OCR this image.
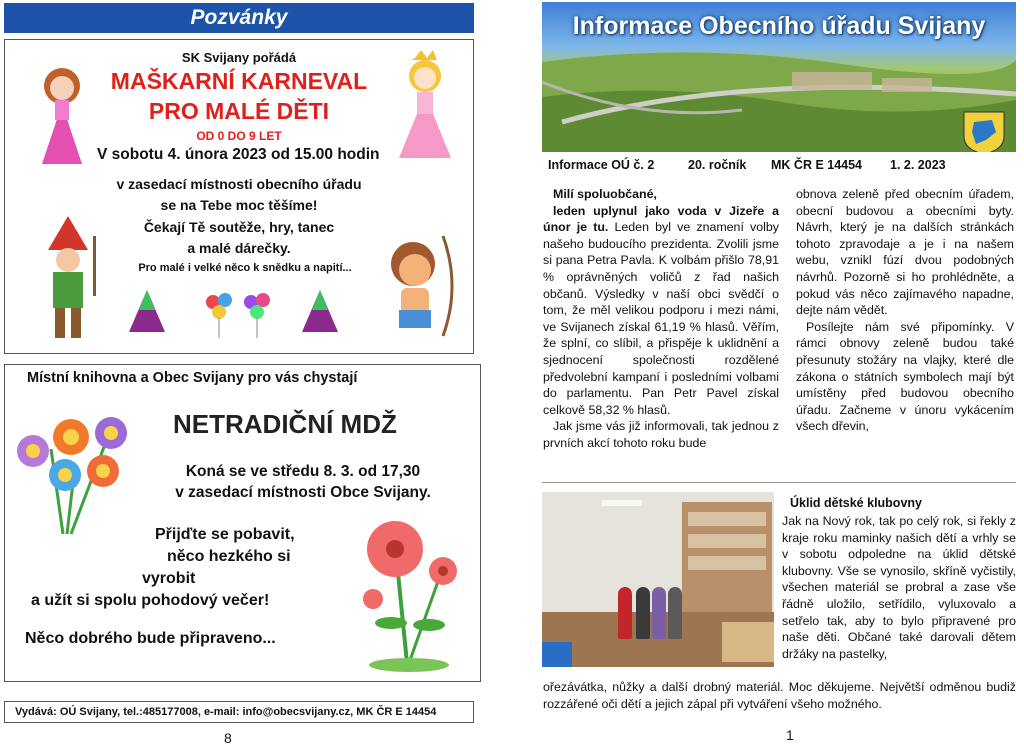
Pozvánky
SK Svijany pořádá
MAŠKARNÍ KARNEVAL
PRO MALÉ DĚTI
OD 0 DO 9 LET
V sobotu 4. února 2023 od 15.00 hodin
v zasedací místnosti obecního úřadu
se na Tebe moc těšíme!
Čekají Tě soutěže, hry, tanec
a malé dárečky.
Pro malé i velké něco k snědku a napití...
Místní knihovna a Obec Svijany pro vás chystají
NETRADIČNÍ MDŽ
Koná se ve středu 8. 3. od 17,30
v zasedací místnosti Obce Svijany.
Přijďte se pobavit,
něco hezkého si
vyrobit
a užít si spolu pohodový večer!
Něco dobrého bude připraveno...
Vydává: OÚ Svijany, tel.:485177008, e-mail: info@obecsvijany.cz, MK ČR E 14454
8
Informace Obecního úřadu Svijany
Informace OÚ č. 2	20. ročník MK ČR E 14454 1. 2. 2023
Milí spoluobčané,
leden uplynul jako voda v Jizeře a únor je tu. Leden byl ve znamení volby našeho budoucího prezidenta. Zvolili jsme si pana Petra Pavla. K volbám přišlo 78,91 % oprávněných voličů z řad našich občanů. Výsledky v naší obci svědčí o tom, že měl velikou podporu i mezi námi, ve Svijanech získal 61,19 % hlasů. Věřím, že splní, co slíbil, a přispěje k uklidnění a sjednocení společnosti rozdělené předvolební kampaní i posledními volbami do parlamentu. Pan Petr Pavel získal celkově 58,32 % hlasů.
Jak jsme vás již informovali, tak jednou z prvních akcí tohoto roku bude
obnova zeleně před obecním úřadem, obecní budovou a obecními byty. Návrh, který je na dalších stránkách tohoto zpravodaje a je i na našem webu, vznikl fúzí dvou podobných návrhů. Pozorně si ho prohlédněte, a pokud vás něco zajímavého napadne, dejte nám vědět.
Posílejte nám své připomínky. V rámci obnovy zeleně budou také přesunuty stožáry na vlajky, které dle zákona o státních symbolech mají být umístěny před budovou obecního úřadu. Začneme v únoru vykácením všech dřevin,
Úklid dětské klubovny
Jak na Nový rok, tak po celý rok, si řekly z kraje roku maminky našich dětí a vrhly se v sobotu odpoledne na úklid dětské klubovny. Vše se vynosilo, skříně vyčistily, všechen materiál se probral a zase vše řádně uložilo, setřídilo, vyluxovalo a setřelo tak, aby to bylo připravené pro naše děti. Občané také darovali dětem držáky na pastelky,
ořezávátka, nůžky a další drobný materiál. Moc děkujeme. Největší odměnou budiž rozzářené oči dětí a jejich zápal při vytváření všeho možného.
1
